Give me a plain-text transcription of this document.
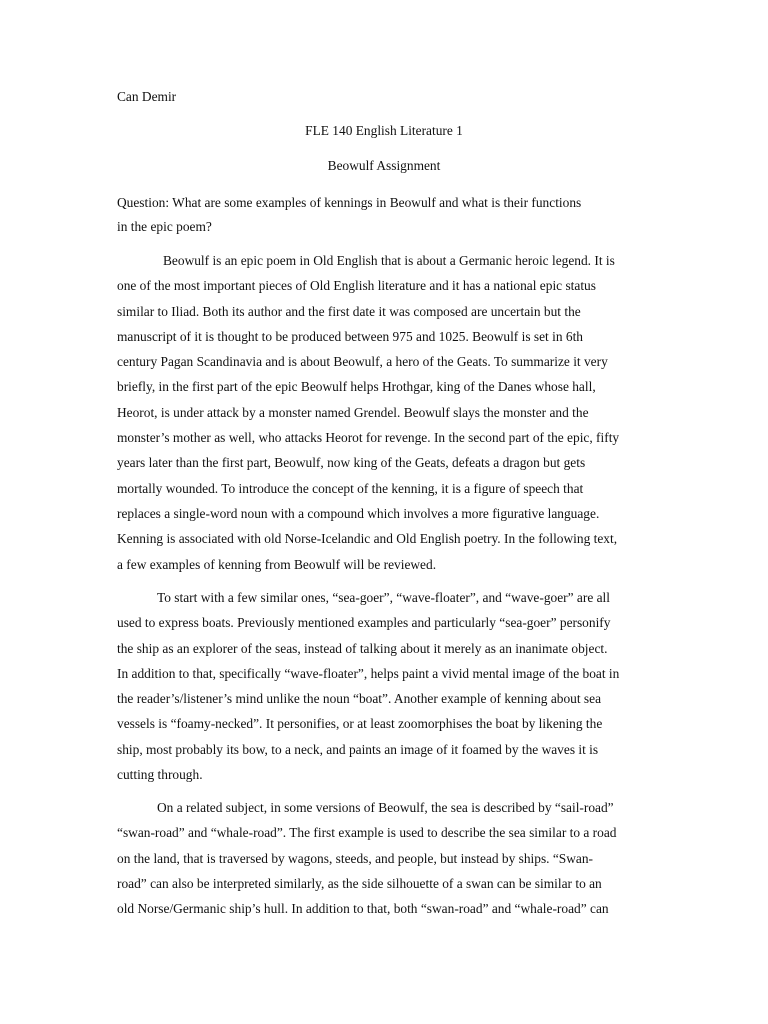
Can Demir
FLE 140 English Literature 1
Beowulf Assignment
Question: What are some examples of kennings in Beowulf and what is their functions
in the epic poem?
Beowulf is an epic poem in Old English that is about a Germanic heroic legend. It is
one of the most important pieces of Old English literature and it has a national epic status
similar to Iliad. Both its author and the first date it was composed are uncertain but the
manuscript of it is thought to be produced between 975 and 1025. Beowulf is set in 6th
century Pagan Scandinavia and is about Beowulf, a hero of the Geats. To summarize it very
briefly, in the first part of the epic Beowulf helps Hrothgar, king of the Danes whose hall,
Heorot, is under attack by a monster named Grendel. Beowulf slays the monster and the
monster’s mother as well, who attacks Heorot for revenge. In the second part of the epic, fifty
years later than the first part, Beowulf, now king of the Geats, defeats a dragon but gets
mortally wounded. To introduce the concept of the kenning, it is a figure of speech that
replaces a single-word noun with a compound which involves a more figurative language.
Kenning is associated with old Norse-Icelandic and Old English poetry. In the following text,
a few examples of kenning from Beowulf will be reviewed.
To start with a few similar ones, “sea-goer”, “wave-floater”, and “wave-goer” are all
used to express boats. Previously mentioned examples and particularly “sea-goer” personify
the ship as an explorer of the seas, instead of talking about it merely as an inanimate object.
In addition to that, specifically “wave-floater”, helps paint a vivid mental image of the boat in
the reader’s/listener’s mind unlike the noun “boat”. Another example of kenning about sea
vessels is “foamy-necked”. It personifies, or at least zoomorphises the boat by likening the
ship, most probably its bow, to a neck, and paints an image of it foamed by the waves it is
cutting through.
On a related subject, in some versions of Beowulf, the sea is described by “sail-road”
“swan-road” and “whale-road”. The first example is used to describe the sea similar to a road
on the land, that is traversed by wagons, steeds, and people, but instead by ships. “Swan-
road” can also be interpreted similarly, as the side silhouette of a swan can be similar to an
old Norse/Germanic ship’s hull. In addition to that, both “swan-road” and “whale-road” can
